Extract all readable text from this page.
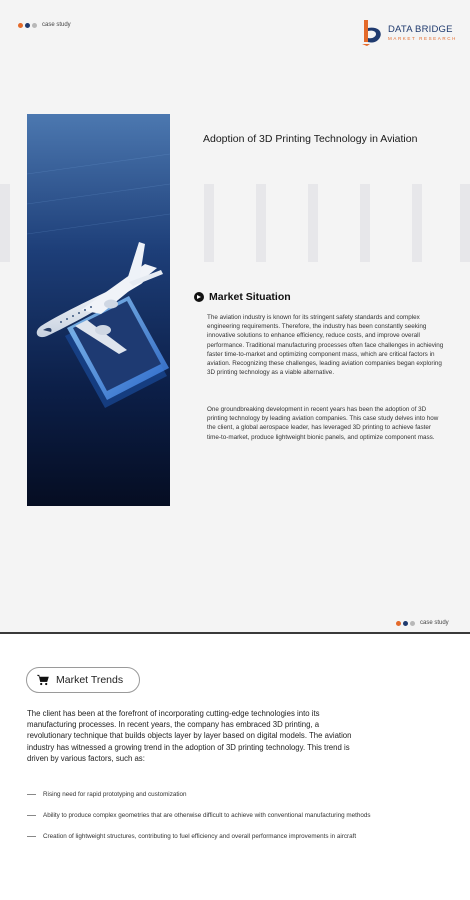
case study	DATA BRIDGE
MARKET RESEARCH
Adoption of 3D Printing Technology in Aviation
Market Situation

The aviation industry is known for its stringent safety standards and complex engineering requirements. Therefore, the industry has been constantly seeking innovative solutions to enhance efficiency, reduce costs, and improve overall performance. Traditional manufacturing processes often face challenges in achieving faster time-to-market and optimizing component mass, which are critical factors in aviation. Recognizing these challenges, leading aviation companies began exploring 3D printing technology as a viable alternative.

One groundbreaking development in recent years has been the adoption of 3D printing technology by leading aviation companies. This case study delves into how the client, a global aerospace leader, has leveraged 3D printing to achieve faster time-to-market, produce lightweight bionic panels, and optimize component mass.

case study
Market Trends

The client has been at the forefront of incorporating cutting-edge technologies into its manufacturing processes. In recent years, the company has embraced 3D printing, a revolutionary technique that builds objects layer by layer based on digital models. The aviation industry has witnessed a growing trend in the adoption of 3D printing technology. This trend is driven by various factors, such as:

Rising need for rapid prototyping and customization
Ability to produce complex geometries that are otherwise difficult to achieve with conventional manufacturing methods
Creation of lightweight structures, contributing to fuel efficiency and overall performance improvements in aircraft
